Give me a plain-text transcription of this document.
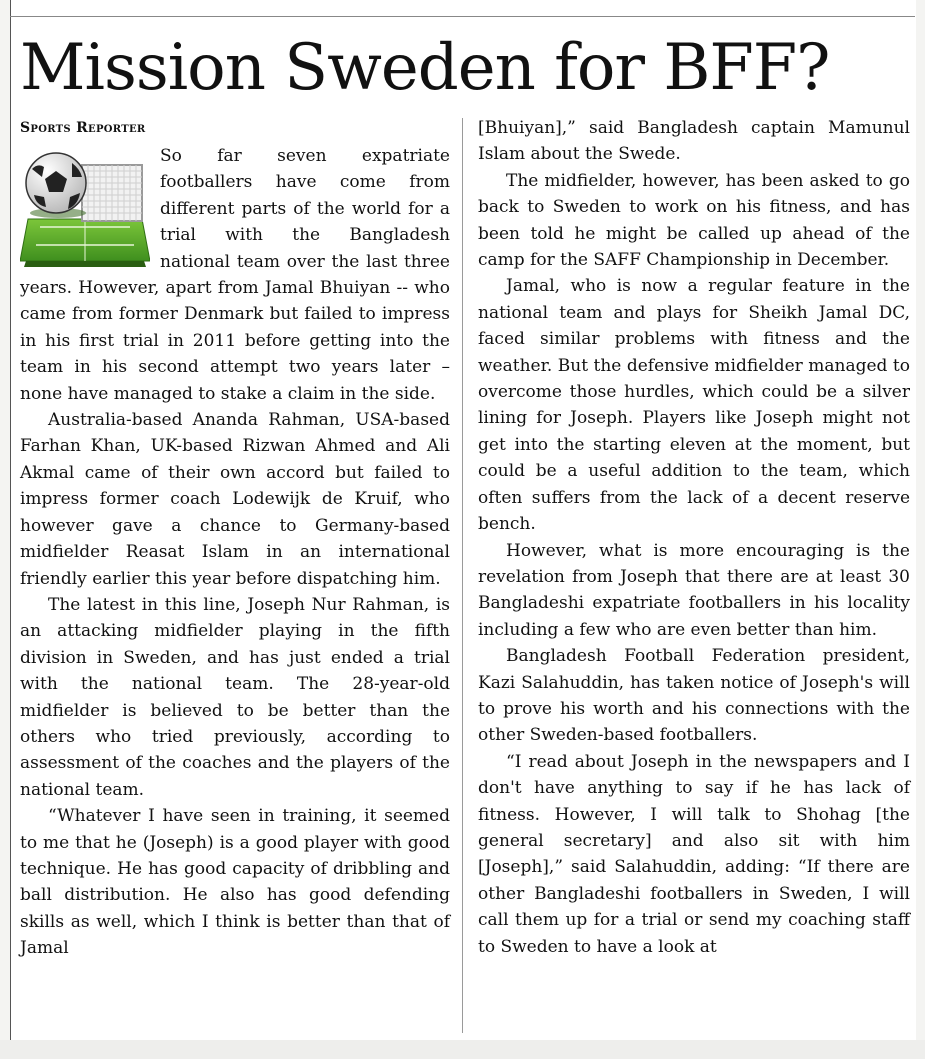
Mission Sweden for BFF?
Sports Reporter

So far seven expatriate footballers have come from different parts of the world for a trial with the Bangladesh national team over the last three years. However, apart from Jamal Bhuiyan -- who came from former Denmark but failed to impress in his first trial in 2011 before getting into the team in his second attempt two years later – none have managed to stake a claim in the side.

Australia-based Ananda Rahman, USA-based Farhan Khan, UK-based Rizwan Ahmed and Ali Akmal came of their own accord but failed to impress former coach Lodewijk de Kruif, who however gave a chance to Germany-based midfielder Reasat Islam in an international friendly earlier this year before dispatching him.

The latest in this line, Joseph Nur Rahman, is an attacking midfielder playing in the fifth division in Sweden, and has just ended a trial with the national team. The 28-year-old midfielder is believed to be better than the others who tried previously, according to assessment of the coaches and the players of the national team.

“Whatever I have seen in training, it seemed to me that he (Joseph) is a good player with good technique. He has good capacity of dribbling and ball distribution. He also has good defending skills as well, which I think is better than that of Jamal

[Bhuiyan],” said Bangladesh captain Mamunul Islam about the Swede.

The midfielder, however, has been asked to go back to Sweden to work on his fitness, and has been told he might be called up ahead of the camp for the SAFF Championship in December.

Jamal, who is now a regular feature in the national team and plays for Sheikh Jamal DC, faced similar problems with fitness and the weather. But the defensive midfielder managed to overcome those hurdles, which could be a silver lining for Joseph. Players like Joseph might not get into the starting eleven at the moment, but could be a useful addition to the team, which often suffers from the lack of a decent reserve bench.

However, what is more encouraging is the revelation from Joseph that there are at least 30 Bangladeshi expatriate footballers in his locality including a few who are even better than him.

Bangladesh Football Federation president, Kazi Salahuddin, has taken notice of Joseph's will to prove his worth and his connections with the other Sweden-based footballers.

“I read about Joseph in the newspapers and I don't have anything to say if he has lack of fitness. However, I will talk to Shohag [the general secretary] and also sit with him [Joseph],” said Salahuddin, adding: “If there are other Bangladeshi footballers in Sweden, I will call them up for a trial or send my coaching staff to Sweden to have a look at
